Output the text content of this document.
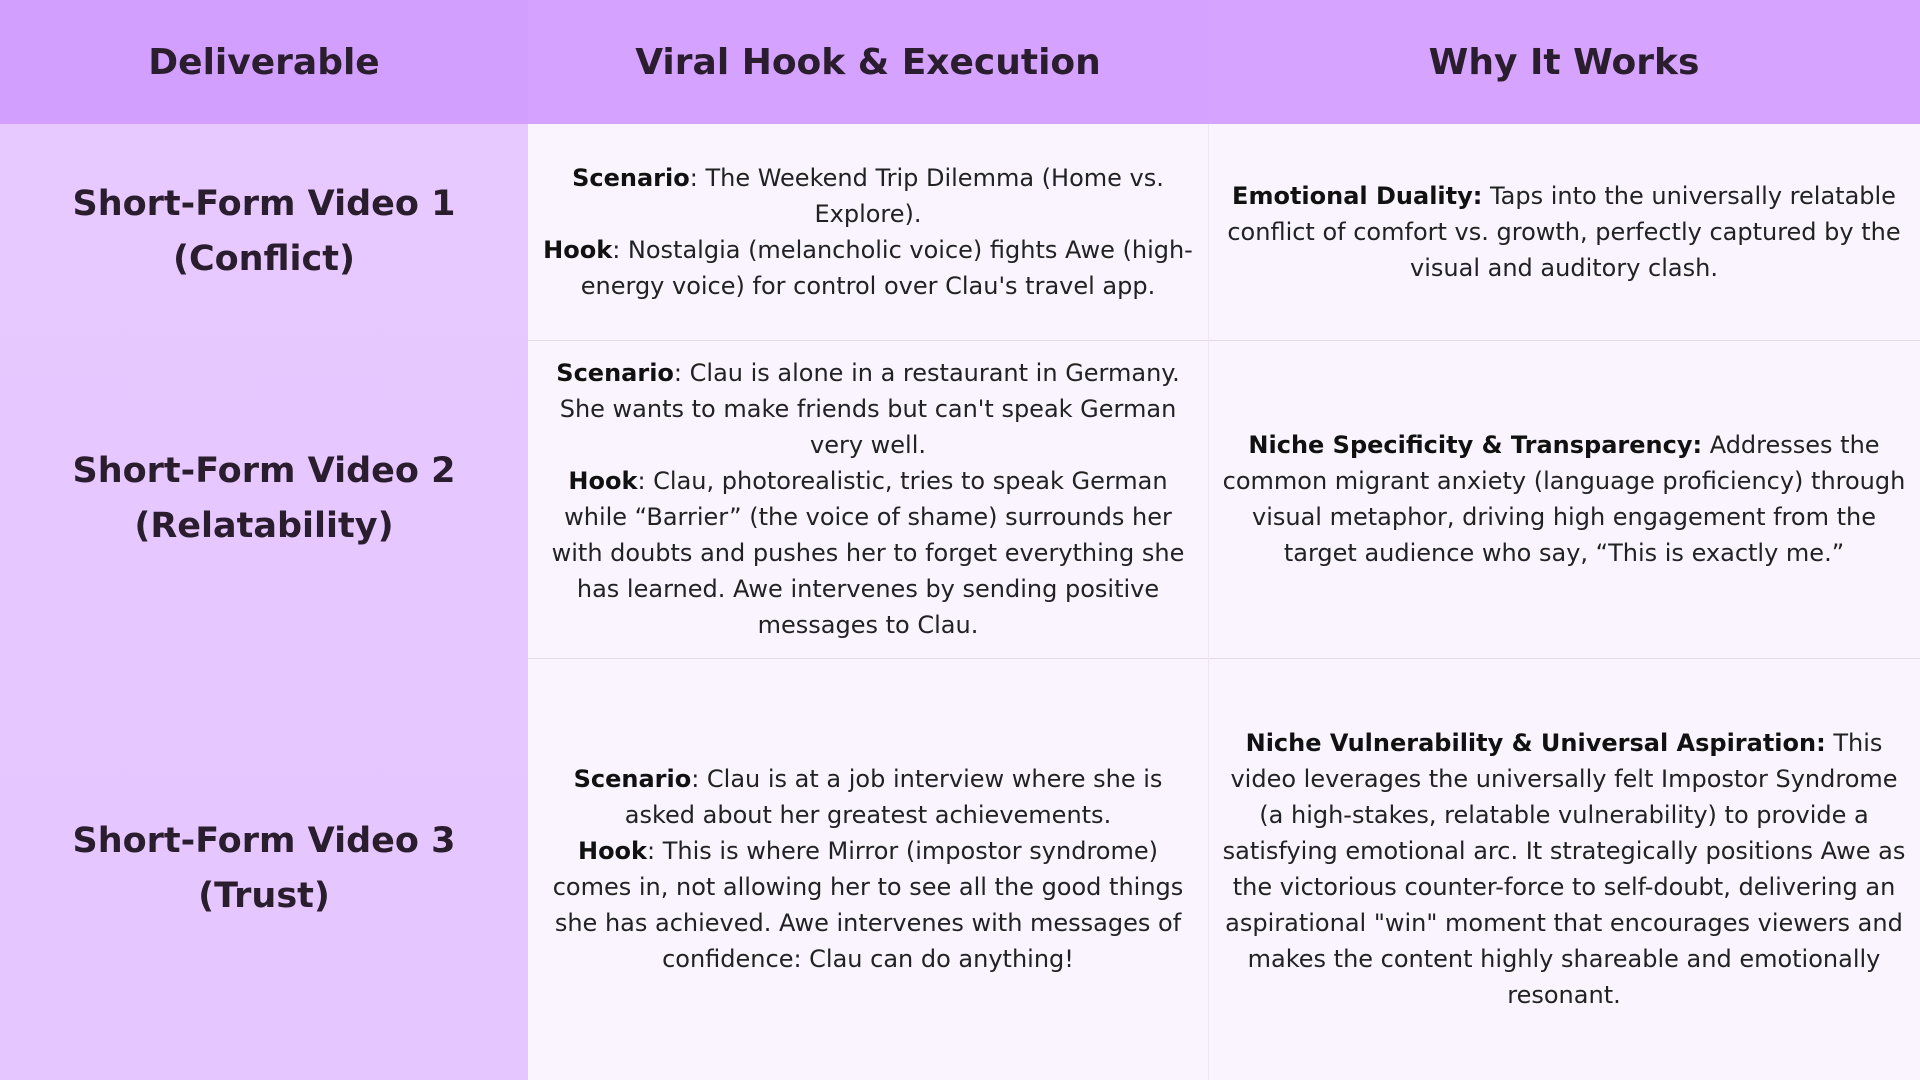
Deliverable	Viral Hook & Execution	Why It Works
Short-Form Video 1
(Conflict)
Scenario: The Weekend Trip Dilemma (Home vs. Explore).
Hook: Nostalgia (melancholic voice) fights Awe (high-energy voice) for control over Clau's travel app.
Emotional Duality: Taps into the universally relatable conflict of comfort vs. growth, perfectly captured by the visual and auditory clash.
Short-Form Video 2
(Relatability)
Scenario: Clau is alone in a restaurant in Germany. She wants to make friends but can't speak German very well.
Hook: Clau, photorealistic, tries to speak German while “Barrier” (the voice of shame) surrounds her with doubts and pushes her to forget everything she has learned. Awe intervenes by sending positive messages to Clau.
Niche Specificity & Transparency: Addresses the common migrant anxiety (language proficiency) through visual metaphor, driving high engagement from the target audience who say, “This is exactly me.”
Short-Form Video 3
(Trust)
Scenario: Clau is at a job interview where she is asked about her greatest achievements.
Hook: This is where Mirror (impostor syndrome) comes in, not allowing her to see all the good things she has achieved. Awe intervenes with messages of confidence: Clau can do anything!
Niche Vulnerability & Universal Aspiration: This video leverages the universally felt Impostor Syndrome (a high-stakes, relatable vulnerability) to provide a satisfying emotional arc. It strategically positions Awe as the victorious counter-force to self-doubt, delivering an aspirational "win" moment that encourages viewers and makes the content highly shareable and emotionally resonant.
